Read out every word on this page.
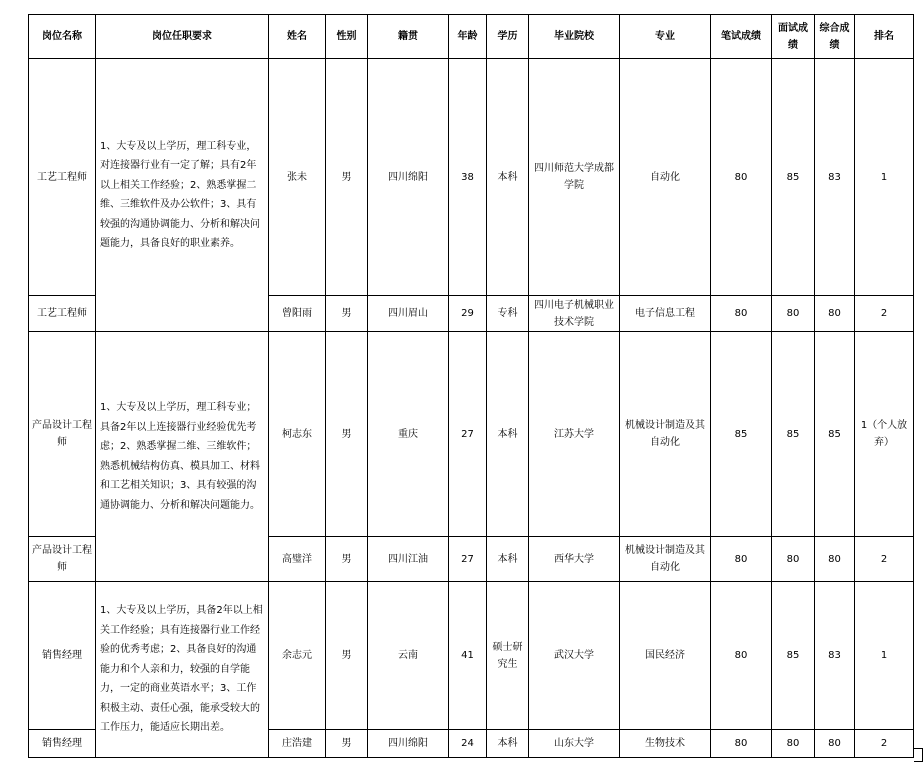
岗位名称	岗位任职要求	姓名	性别	籍贯	年龄	学历	毕业院校	专业	笔试成绩	面试成绩	综合成绩	排名
工艺工程师	1、大专及以上学历，理工科专业，对连接器行业有一定了解；具有2年以上相关工作经验；2、熟悉掌握二维、三维软件及办公软件；3、具有较强的沟通协调能力、分析和解决问题能力，具备良好的职业素养。	张未	男	四川绵阳	38	本科	四川师范大学成都学院	自动化	80	85	83	1
工艺工程师		曾阳雨	男	四川眉山	29	专科	四川电子机械职业技术学院	电子信息工程	80	80	80	2
产品设计工程师	1、大专及以上学历，理工科专业；具备2年以上连接器行业经验优先考虑；2、熟悉掌握二维、三维软件；熟悉机械结构仿真、模具加工、材料和工艺相关知识；3、具有较强的沟通协调能力、分析和解决问题能力。	柯志东	男	重庆	27	本科	江苏大学	机械设计制造及其自动化	85	85	85	1（个人放弃）
产品设计工程师		高璧洋	男	四川江油	27	本科	西华大学	机械设计制造及其自动化	80	80	80	2
销售经理	1、大专及以上学历，具备2年以上相关工作经验；具有连接器行业工作经验的优秀考虑；2、具备良好的沟通能力和个人亲和力，较强的自学能力，一定的商业英语水平；3、工作积极主动、责任心强，能承受较大的工作压力，能适应长期出差。	余志元	男	云南	41	硕士研究生	武汉大学	国民经济	80	85	83	1
销售经理		庄浩建	男	四川绵阳	24	本科	山东大学	生物技术	80	80	80	2
